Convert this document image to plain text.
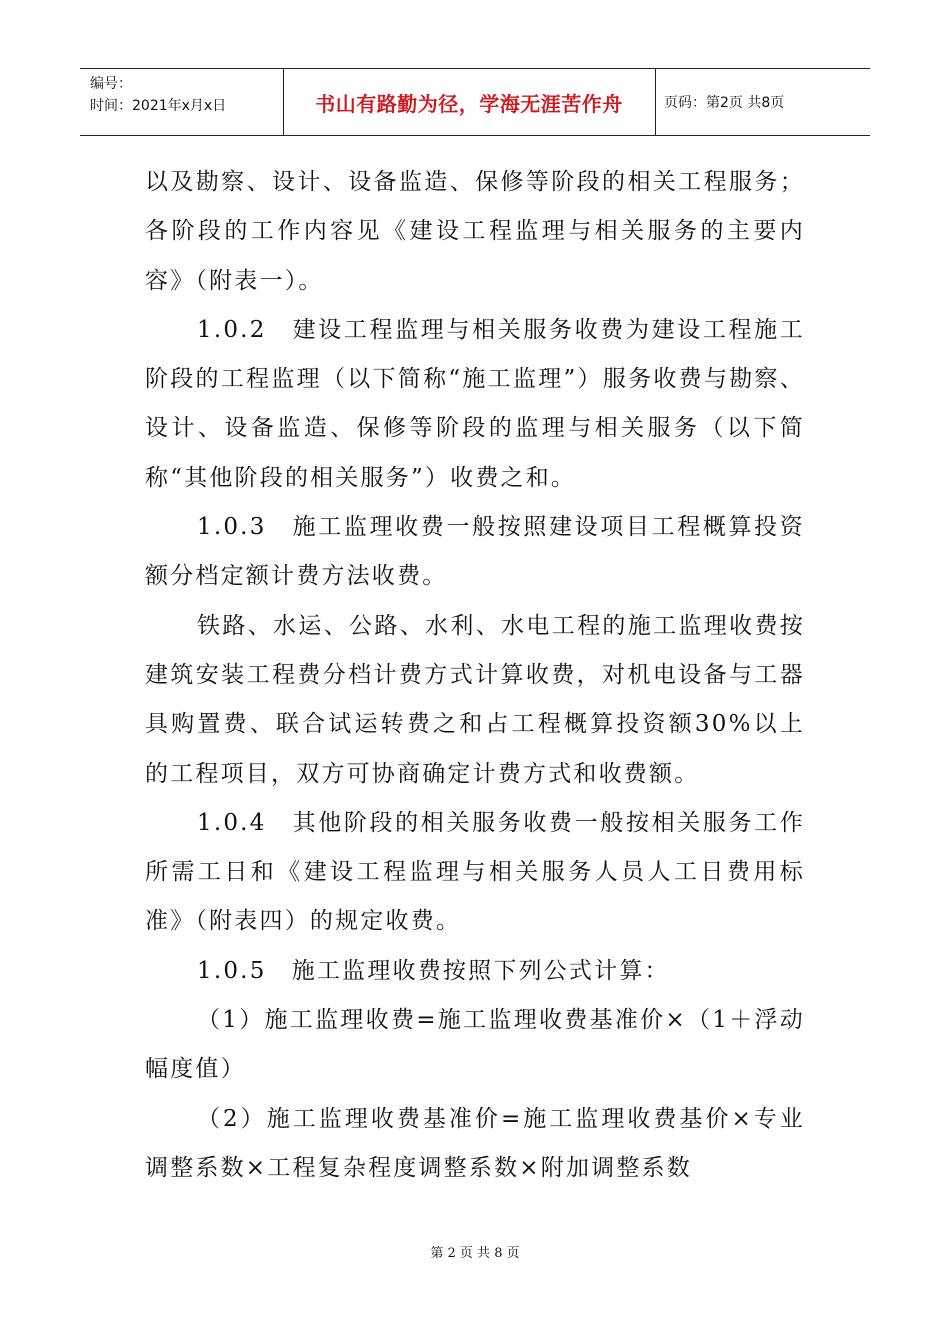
编号：
时间：2021年x月x日	书山有路勤为径，学海无涯苦作舟	页码：第2页 共8页

以及勘察、设计、设备监造、保修等阶段的相关工程服务；各阶段的工作内容见《建设工程监理与相关服务的主要内容》（附表一）。

1.0.2　建设工程监理与相关服务收费为建设工程施工阶段的工程监理（以下简称“施工监理”）服务收费与勘察、设计、设备监造、保修等阶段的监理与相关服务（以下简称“其他阶段的相关服务”）收费之和。

1.0.3　施工监理收费一般按照建设项目工程概算投资额分档定额计费方法收费。

铁路、水运、公路、水利、水电工程的施工监理收费按建筑安装工程费分档计费方式计算收费，对机电设备与工器具购置费、联合试运转费之和占工程概算投资额30%以上的工程项目，双方可协商确定计费方式和收费额。

1.0.4　其他阶段的相关服务收费一般按相关服务工作所需工日和《建设工程监理与相关服务人员人工日费用标准》（附表四）的规定收费。

1.0.5　施工监理收费按照下列公式计算：

（1）施工监理收费=施工监理收费基准价×（1＋浮动幅度值）

（2）施工监理收费基准价=施工监理收费基价×专业调整系数×工程复杂程度调整系数×附加调整系数

第 2 页 共 8 页
